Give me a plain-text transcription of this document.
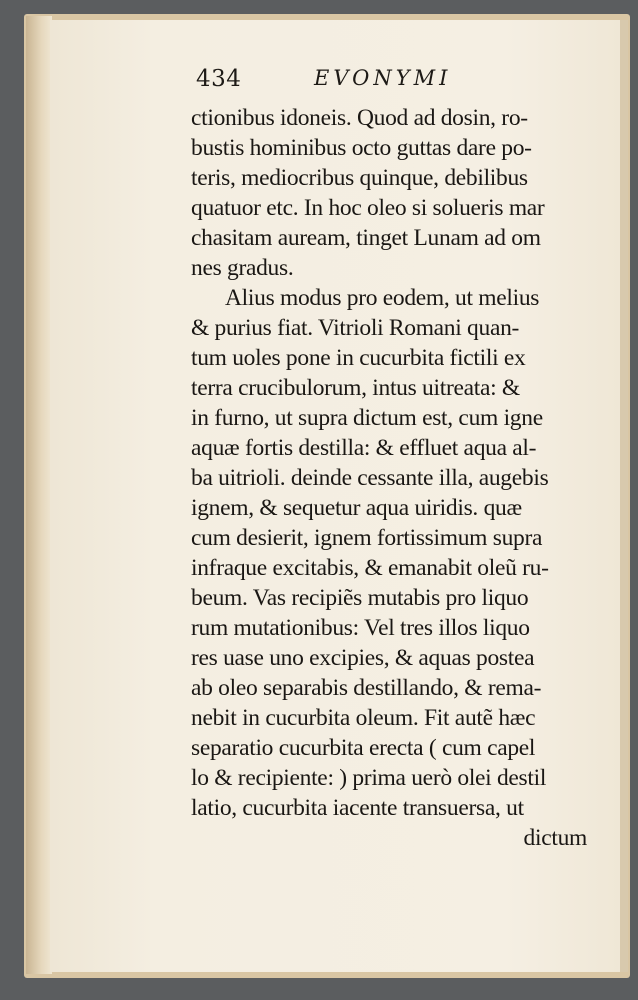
434	EVONYMI
ctionibus idoneis. Quod ad dosin, ro-
bustis hominibus octo guttas dare po-
teris, mediocribus quinque, debilibus
quatuor etc. In hoc oleo si solueris mar
chasitam auream, tinget Lunam ad om
nes gradus.
Alius modus pro eodem, ut melius
& purius fiat. Vitrioli Romani quan-
tum uoles pone in cucurbita fictili ex
terra crucibulorum, intus uitreata: &
in furno, ut supra dictum est, cum igne
aquæ fortis destilla: & effluet aqua al-
ba uitrioli. deinde cessante illa, augebis
ignem, & sequetur aqua uiridis. quæ
cum desierit, ignem fortissimum supra
infraque excitabis, & emanabit oleũ ru-
beum. Vas recipiẽs mutabis pro liquo
rum mutationibus: Vel tres illos liquo
res uase uno excipies, & aquas postea
ab oleo separabis destillando, & rema-
nebit in cucurbita oleum. Fit autẽ hæc
separatio cucurbita erecta ( cum capel
lo & recipiente: ) prima uerò olei destil
latio, cucurbita iacente transuersa, ut
dictum
